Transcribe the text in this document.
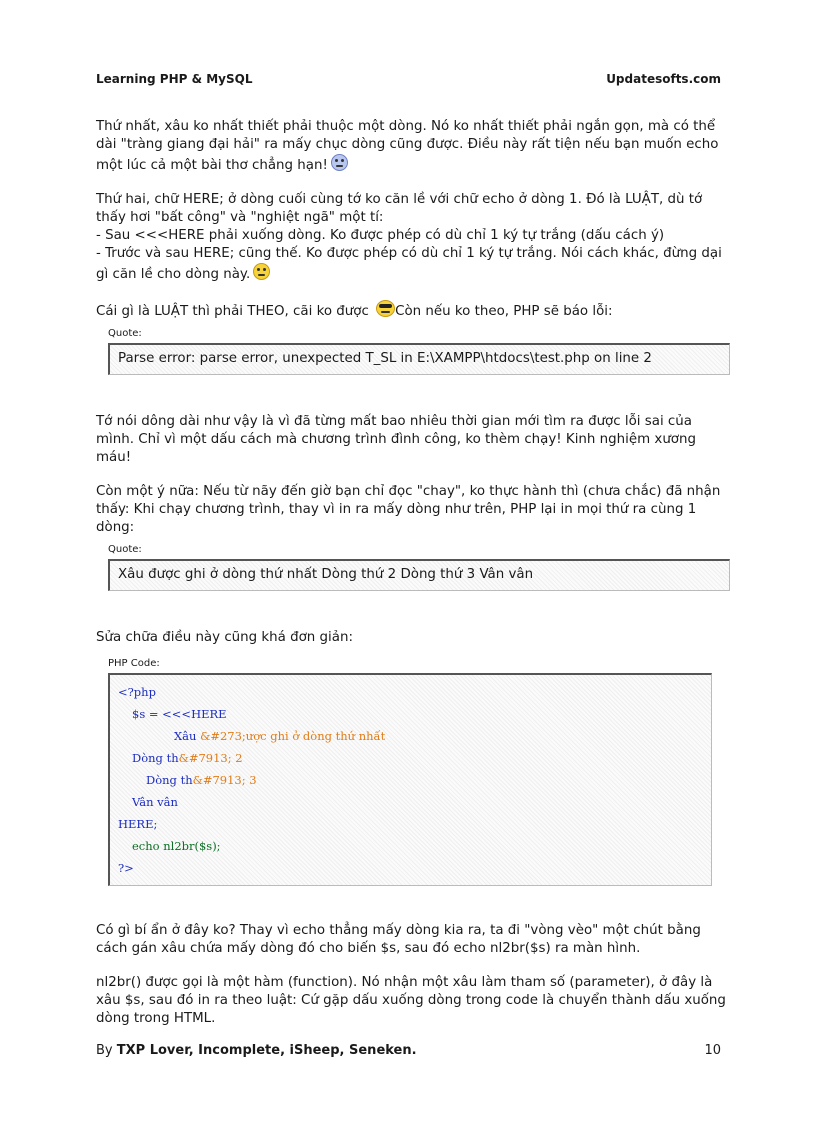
Learning PHP & MySQL	Updatesofts.com

Thứ nhất, xâu ko nhất thiết phải thuộc một dòng. Nó ko nhất thiết phải ngắn gọn, mà có thể dài "tràng giang đại hải" ra mấy chục dòng cũng được. Điều này rất tiện nếu bạn muốn echo một lúc cả một bài thơ chẳng hạn!

Thứ hai, chữ HERE; ở dòng cuối cùng tớ ko căn lề với chữ echo ở dòng 1. Đó là LUẬT, dù tớ thấy hơi "bất công" và "nghiệt ngã" một tí:
- Sau <<<HERE phải xuống dòng. Ko được phép có dù chỉ 1 ký tự trắng (dấu cách ý)
- Trước và sau HERE; cũng thế. Ko được phép có dù chỉ 1 ký tự trắng. Nói cách khác, đừng dại gì căn lề cho dòng này.

Cái gì là LUẬT thì phải THEO, cãi ko được Còn nếu ko theo, PHP sẽ báo lỗi:

Quote:
Parse error: parse error, unexpected T_SL in E:\XAMPP\htdocs\test.php on line 2

Tớ nói dông dài như vậy là vì đã từng mất bao nhiêu thời gian mới tìm ra được lỗi sai của mình. Chỉ vì một dấu cách mà chương trình đình công, ko thèm chạy! Kinh nghiệm xương máu!

Còn một ý nữa: Nếu từ nãy đến giờ bạn chỉ đọc "chay", ko thực hành thì (chưa chắc) đã nhận thấy: Khi chạy chương trình, thay vì in ra mấy dòng như trên, PHP lại in mọi thứ ra cùng 1 dòng:

Quote:
Xâu được ghi ở dòng thứ nhất Dòng thứ 2 Dòng thứ 3 Vân vân

Sửa chữa điều này cũng khá đơn giản:

PHP Code:
<?php
$s = <<<HERE
Xâu &#273;ược ghi ở dòng thứ nhất
Dòng th&#7913; 2
Dòng th&#7913; 3
Vân vân
HERE;
echo nl2br($s);
?>

Có gì bí ẩn ở đây ko? Thay vì echo thẳng mấy dòng kia ra, ta đi "vòng vèo" một chút bằng cách gán xâu chứa mấy dòng đó cho biến $s, sau đó echo nl2br($s) ra màn hình.

nl2br() được gọi là một hàm (function). Nó nhận một xâu làm tham số (parameter), ở đây là xâu $s, sau đó in ra theo luật: Cứ gặp dấu xuống dòng trong code là chuyển thành dấu xuống dòng trong HTML.

By TXP Lover, Incomplete, iSheep, Seneken.	10
